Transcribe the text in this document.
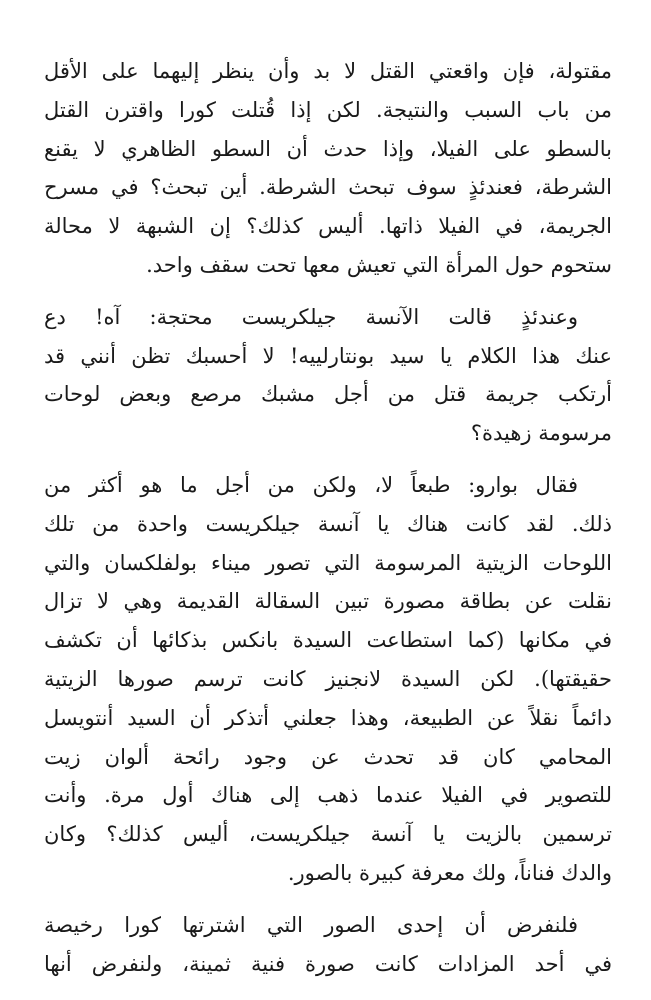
مقتولة، فإن واقعتي القتل لا بد وأن ينظر إليهما على الأقل
من باب السبب والنتيجة. لكن إذا قُتلت كورا واقترن القتل
بالسطو على الفيلا، وإذا حدث أن السطو الظاهري لا يقنع
الشرطة، فعندئذٍ سوف تبحث الشرطة. أين تبحث؟ في مسرح
الجريمة، في الفيلا ذاتها. أليس كذلك؟ إن الشبهة لا محالة
ستحوم حول المرأة التي تعيش معها تحت سقف واحد.

وعندئذٍ قالت الآنسة جيلكريست محتجة: آه! دع
عنك هذا الكلام يا سيد بونتارلييه! لا أحسبك تظن أنني قد
أرتكب جريمة قتل من أجل مشبك مرصع وبعض لوحات
مرسومة زهيدة؟

فقال بوارو: طبعاً لا، ولكن من أجل ما هو أكثر من
ذلك. لقد كانت هناك يا آنسة جيلكريست واحدة من تلك
اللوحات الزيتية المرسومة التي تصور ميناء بولفلكسان والتي
نقلت عن بطاقة مصورة تبين السقالة القديمة وهي لا تزال
في مكانها (كما استطاعت السيدة بانكس بذكائها أن تكشف
حقيقتها). لكن السيدة لانجنيز كانت ترسم صورها الزيتية
دائماً نقلاً عن الطبيعة، وهذا جعلني أتذكر أن السيد أنتويسل
المحامي كان قد تحدث عن وجود رائحة ألوان زيت
للتصوير في الفيلا عندما ذهب إلى هناك أول مرة. وأنت
ترسمين بالزيت يا آنسة جيلكريست، أليس كذلك؟ وكان
والدك فناناً، ولك معرفة كبيرة بالصور.

فلنفرض أن إحدى الصور التي اشترتها كورا رخيصة
في أحد المزادات كانت صورة فنية ثمينة، ولنفرض أنها
